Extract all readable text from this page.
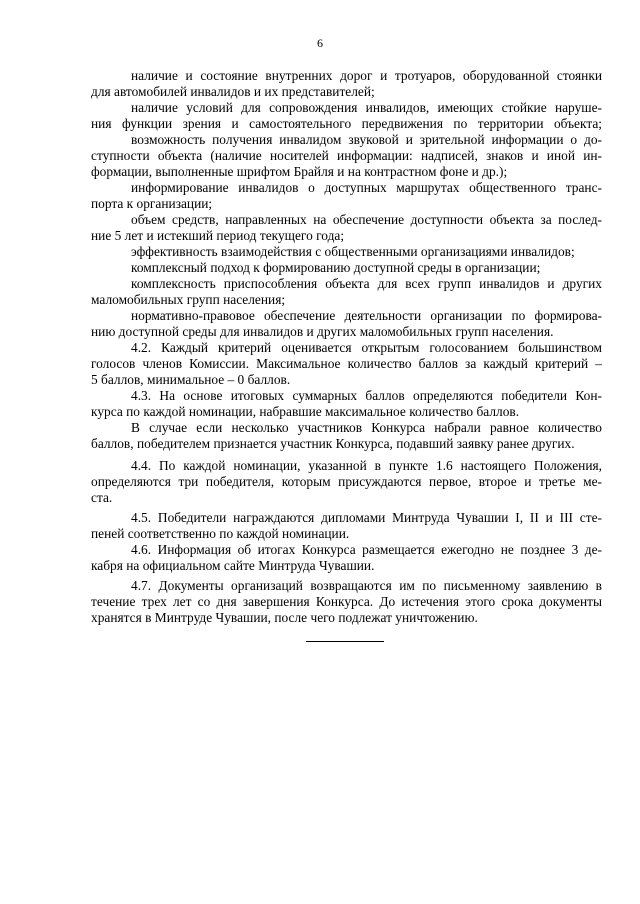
6
наличие и состояние внутренних дорог и тротуаров, оборудованной стоянки
для автомобилей инвалидов и их представителей;
наличие условий для сопровождения инвалидов, имеющих стойкие наруше-
ния функции зрения и самостоятельного передвижения по территории объекта;
возможность получения инвалидом звуковой и зрительной информации о до-
ступности объекта (наличие носителей информации: надписей, знаков и иной ин-
формации, выполненные шрифтом Брайля и на контрастном фоне и др.);
информирование инвалидов о доступных маршрутах общественного транс-
порта к организации;
объем средств, направленных на обеспечение доступности объекта за послед-
ние 5 лет и истекший период текущего года;
эффективность взаимодействия с общественными организациями инвалидов;
комплексный подход к формированию доступной среды в организации;
комплексность приспособления объекта для всех групп инвалидов и других
маломобильных групп населения;
нормативно-правовое обеспечение деятельности организации по формирова-
нию доступной среды для инвалидов и других маломобильных групп населения.
4.2. Каждый критерий оценивается открытым голосованием большинством
голосов членов Комиссии. Максимальное количество баллов за каждый критерий –
5 баллов, минимальное – 0 баллов.
4.3. На основе итоговых суммарных баллов определяются победители Кон-
курса по каждой номинации, набравшие максимальное количество баллов.
В случае если несколько участников Конкурса набрали равное количество
баллов, победителем признается участник Конкурса, подавший заявку ранее других.
4.4. По каждой номинации, указанной в пункте 1.6 настоящего Положения,
определяются три победителя, которым присуждаются первое, второе и третье ме-
ста.
4.5. Победители награждаются дипломами Минтруда Чувашии I, II и III сте-
пеней соответственно по каждой номинации.
4.6. Информация об итогах Конкурса размещается ежегодно не позднее 3 де-
кабря на официальном сайте Минтруда Чувашии.
4.7. Документы организаций возвращаются им по письменному заявлению в
течение трех лет со дня завершения Конкурса. До истечения этого срока документы
хранятся в Минтруде Чувашии, после чего подлежат уничтожению.
